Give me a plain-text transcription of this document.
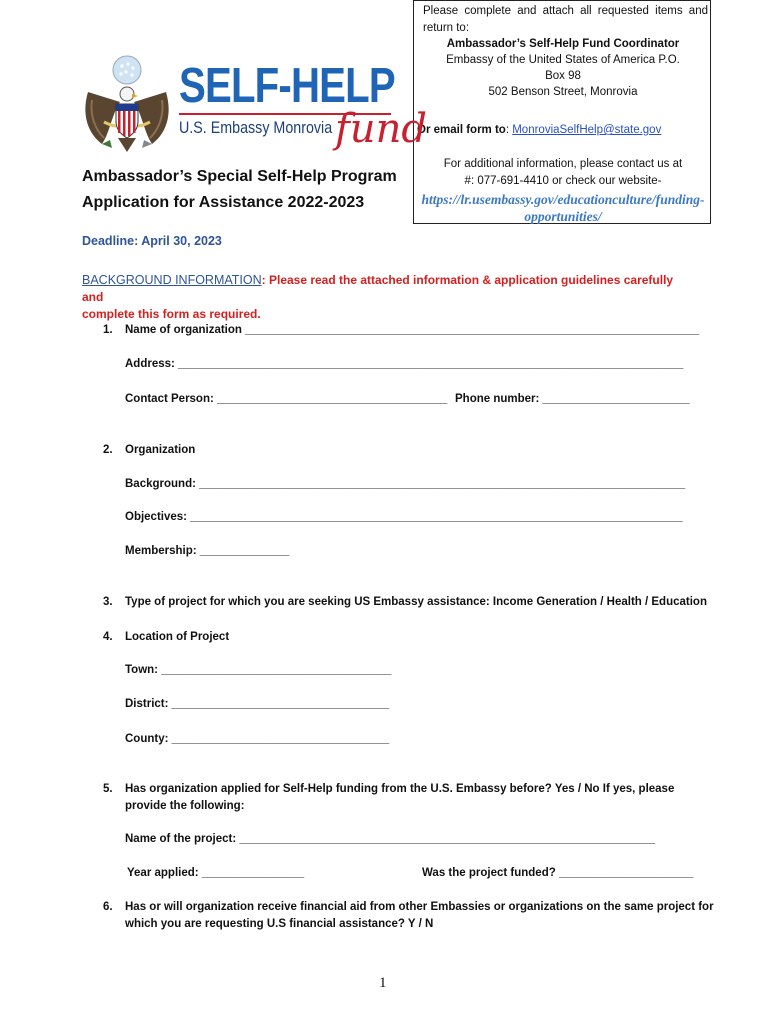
Please complete and attach all requested items and return to:
Ambassador’s Self-Help Fund Coordinator
Embassy of the United States of America P.O.
Box 98
502 Benson Street, Monrovia
Or email form to: MonroviaSelfHelp@state.gov
For additional information, please contact us at
#: 077-691-4410 or check our website-
https://lr.usembassy.gov/educationculture/funding-
opportunities/
SELF-HELP
U.S. Embassy Monrovia fund
Ambassador’s Special Self-Help Program
Application for Assistance 2022-2023
Deadline: April 30, 2023
BACKGROUND INFORMATION: Please read the attached information & application guidelines carefully and
complete this form as required.
1. Name of organization _______________________________________________________________________
Address: _______________________________________________________________________________
Contact Person: ____________________________________ Phone number: _______________________
2. Organization
Background: ____________________________________________________________________________
Objectives: _____________________________________________________________________________
Membership: ______________
3. Type of project for which you are seeking US Embassy assistance: Income Generation / Health / Education
4. Location of Project
Town: ____________________________________
District: __________________________________
County: __________________________________
5. Has organization applied for Self-Help funding from the U.S. Embassy before? Yes / No If yes, please
provide the following:
Name of the project: _________________________________________________________________
Year applied: ________________	Was the project funded? _____________________
6. Has or will organization receive financial aid from other Embassies or organizations on the same project for
which you are requesting U.S financial assistance? Y / N
1
